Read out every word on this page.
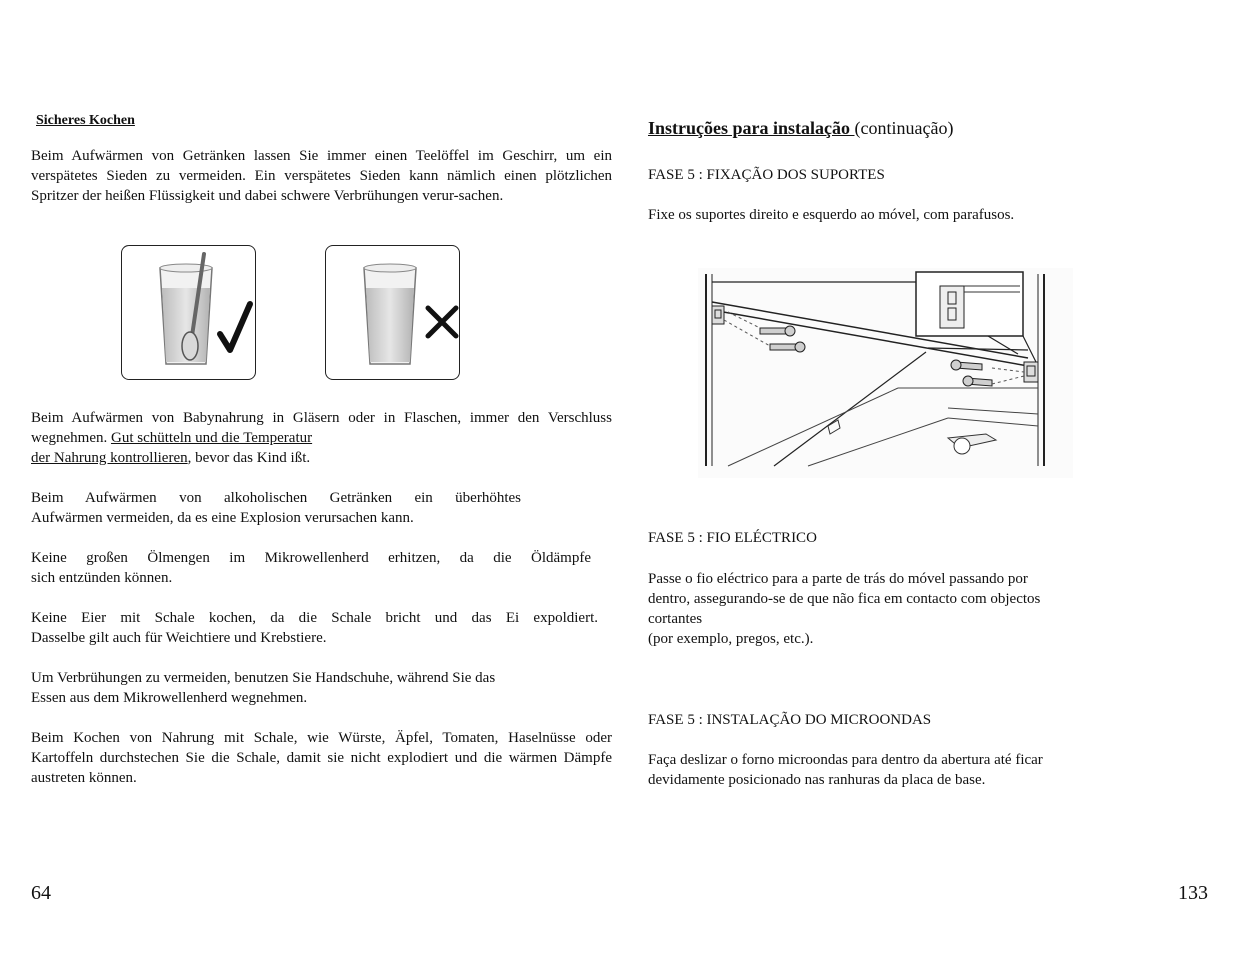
Sicheres Kochen

Beim Aufwärmen von Getränken lassen Sie immer einen Teelöffel im Geschirr, um ein verspätetes Sieden zu vermeiden. Ein verspätetes Sieden kann nämlich einen plötzlichen Spritzer der heißen Flüssigkeit und dabei schwere Verbrühungen verur-sachen.

Beim Aufwärmen von Babynahrung in Gläsern oder in Flaschen, immer den Verschluss wegnehmen. Gut schütteln und die Temperatur
der Nahrung kontrollieren, bevor das Kind ißt.

Beim Aufwärmen von alkoholischen Getränken ein überhöhtes
Aufwärmen vermeiden, da es eine Explosion verursachen kann.

Keine großen Ölmengen im Mikrowellenherd erhitzen, da die Öldämpfe
sich entzünden können.

Keine Eier mit Schale kochen, da die Schale bricht und das Ei expoldiert.
Dasselbe gilt auch für Weichtiere und Krebstiere.

Um Verbrühungen zu vermeiden, benutzen Sie Handschuhe, während Sie das
Essen aus dem Mikrowellenherd wegnehmen.

Beim Kochen von Nahrung mit Schale, wie Würste, Äpfel, Tomaten, Haselnüsse oder Kartoffeln durchstechen Sie die Schale, damit sie nicht explodiert und die wärmen Dämpfe austreten können.

64

Instruções para instalação (continuação)

FASE 5 : FIXAÇÃO DOS SUPORTES

Fixe os suportes direito e esquerdo ao móvel, com parafusos.

FASE 5 : FIO ELÉCTRICO

Passe o fio eléctrico para a parte de trás do móvel passando por
dentro, assegurando-se de que não fica em contacto com objectos
cortantes
(por exemplo, pregos, etc.).

FASE 5 : INSTALAÇÃO DO MICROONDAS

Faça deslizar o forno microondas para dentro da abertura até ficar
devidamente posicionado nas ranhuras da placa de base.

133
